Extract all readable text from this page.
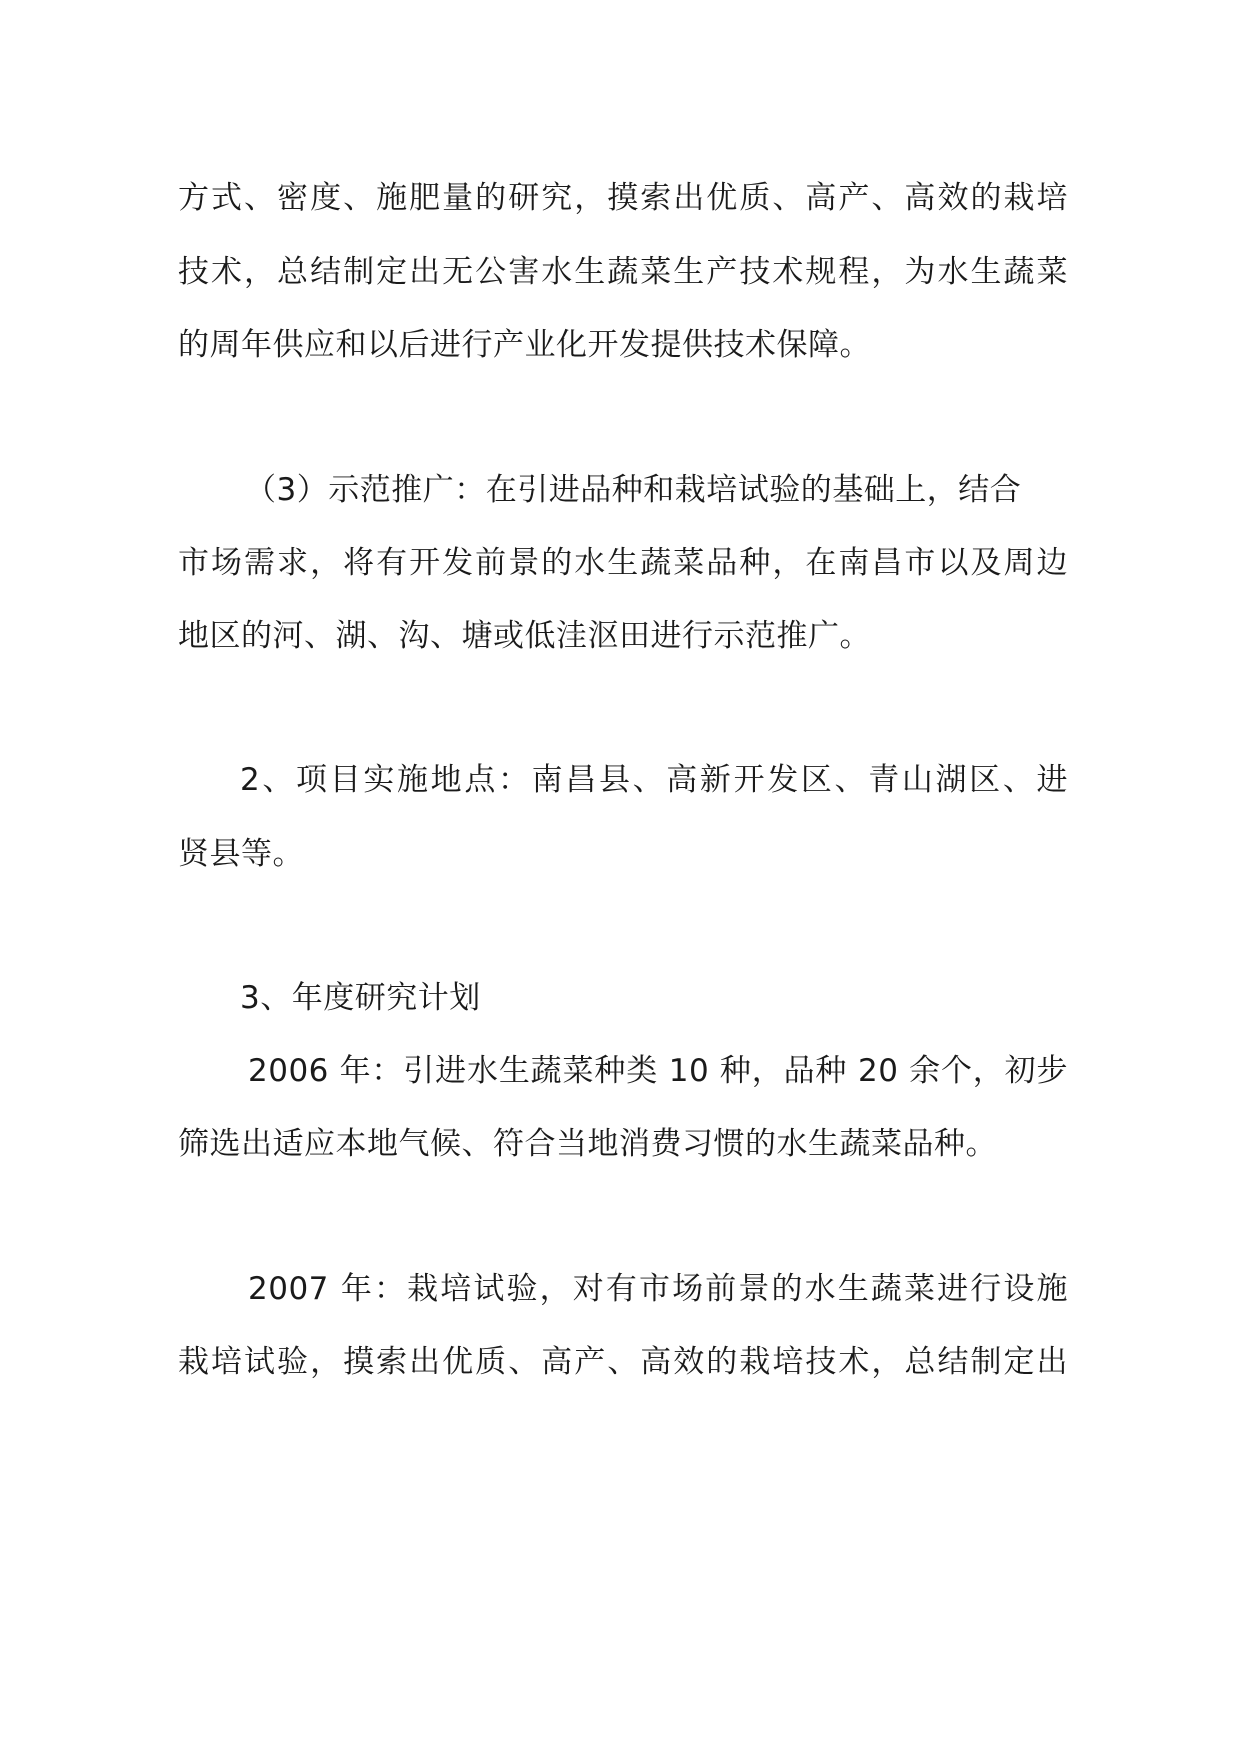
方式、密度、施肥量的研究，摸索出优质、高产、高效的栽培
技术，总结制定出无公害水生蔬菜生产技术规程，为水生蔬菜
的周年供应和以后进行产业化开发提供技术保障。
（3）示范推广：在引进品种和栽培试验的基础上，结合
市场需求，将有开发前景的水生蔬菜品种，在南昌市以及周边
地区的河、湖、沟、塘或低洼沤田进行示范推广。
2、项目实施地点：南昌县、高新开发区、青山湖区、进
贤县等。
3、年度研究计划
2006 年：引进水生蔬菜种类 10 种，品种 20 余个，初步
筛选出适应本地气候、符合当地消费习惯的水生蔬菜品种。
2007 年：栽培试验，对有市场前景的水生蔬菜进行设施
栽培试验，摸索出优质、高产、高效的栽培技术，总结制定出
